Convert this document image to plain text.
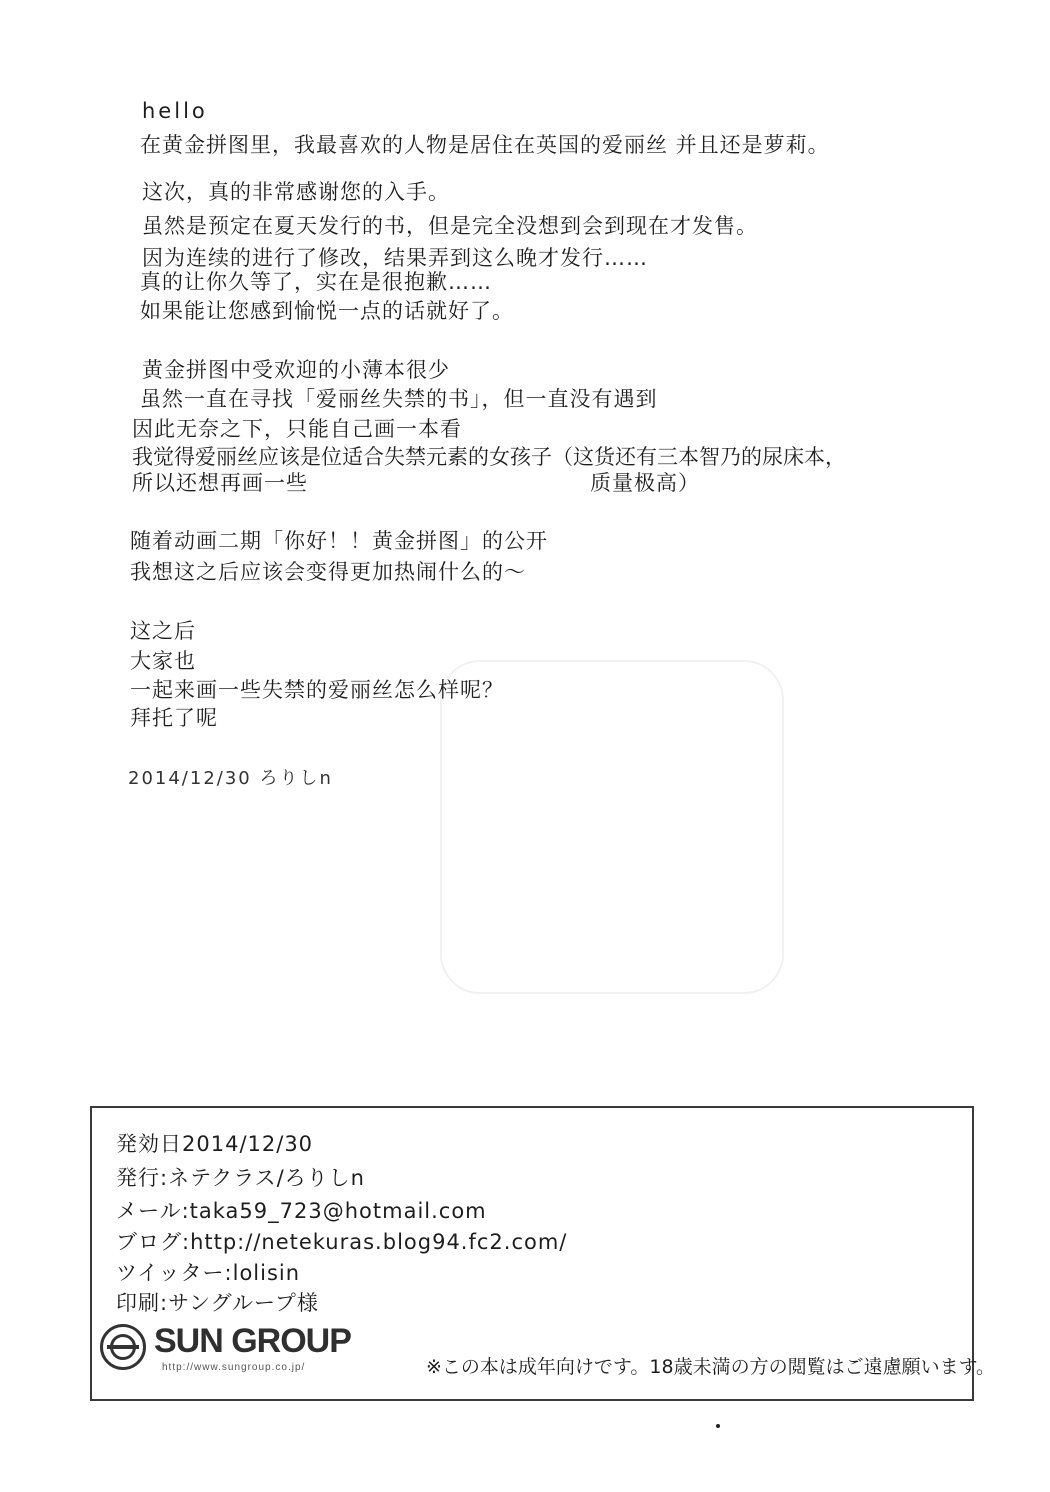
hello
在黄金拼图里，我最喜欢的人物是居住在英国的爱丽丝 并且还是萝莉。
这次，真的非常感谢您的入手。
虽然是预定在夏天发行的书，但是完全没想到会到现在才发售。
因为连续的进行了修改，结果弄到这么晚才发行……
真的让你久等了，实在是很抱歉……
如果能让您感到愉悦一点的话就好了。
黄金拼图中受欢迎的小薄本很少
虽然一直在寻找「爱丽丝失禁的书」，但一直没有遇到
因此无奈之下，只能自己画一本看
我觉得爱丽丝应该是位适合失禁元素的女孩子（这货还有三本智乃的尿床本，
所以还想再画一些	质量极高）
随着动画二期「你好！！黄金拼图」的公开
我想这之后应该会变得更加热闹什么的～
这之后
大家也
一起来画一些失禁的爱丽丝怎么样呢？
拜托了呢
2014/12/30 ろりしn
発効日2014/12/30
発行:ネテクラス/ろりしn
メール:taka59_723@hotmail.com
ブログ:http://netekuras.blog94.fc2.com/
ツイッター:lolisin
印刷:サングループ様
SUN GROUP
http://www.sungroup.co.jp/	※この本は成年向けです。18歳未満の方の閲覧はご遠慮願います。
